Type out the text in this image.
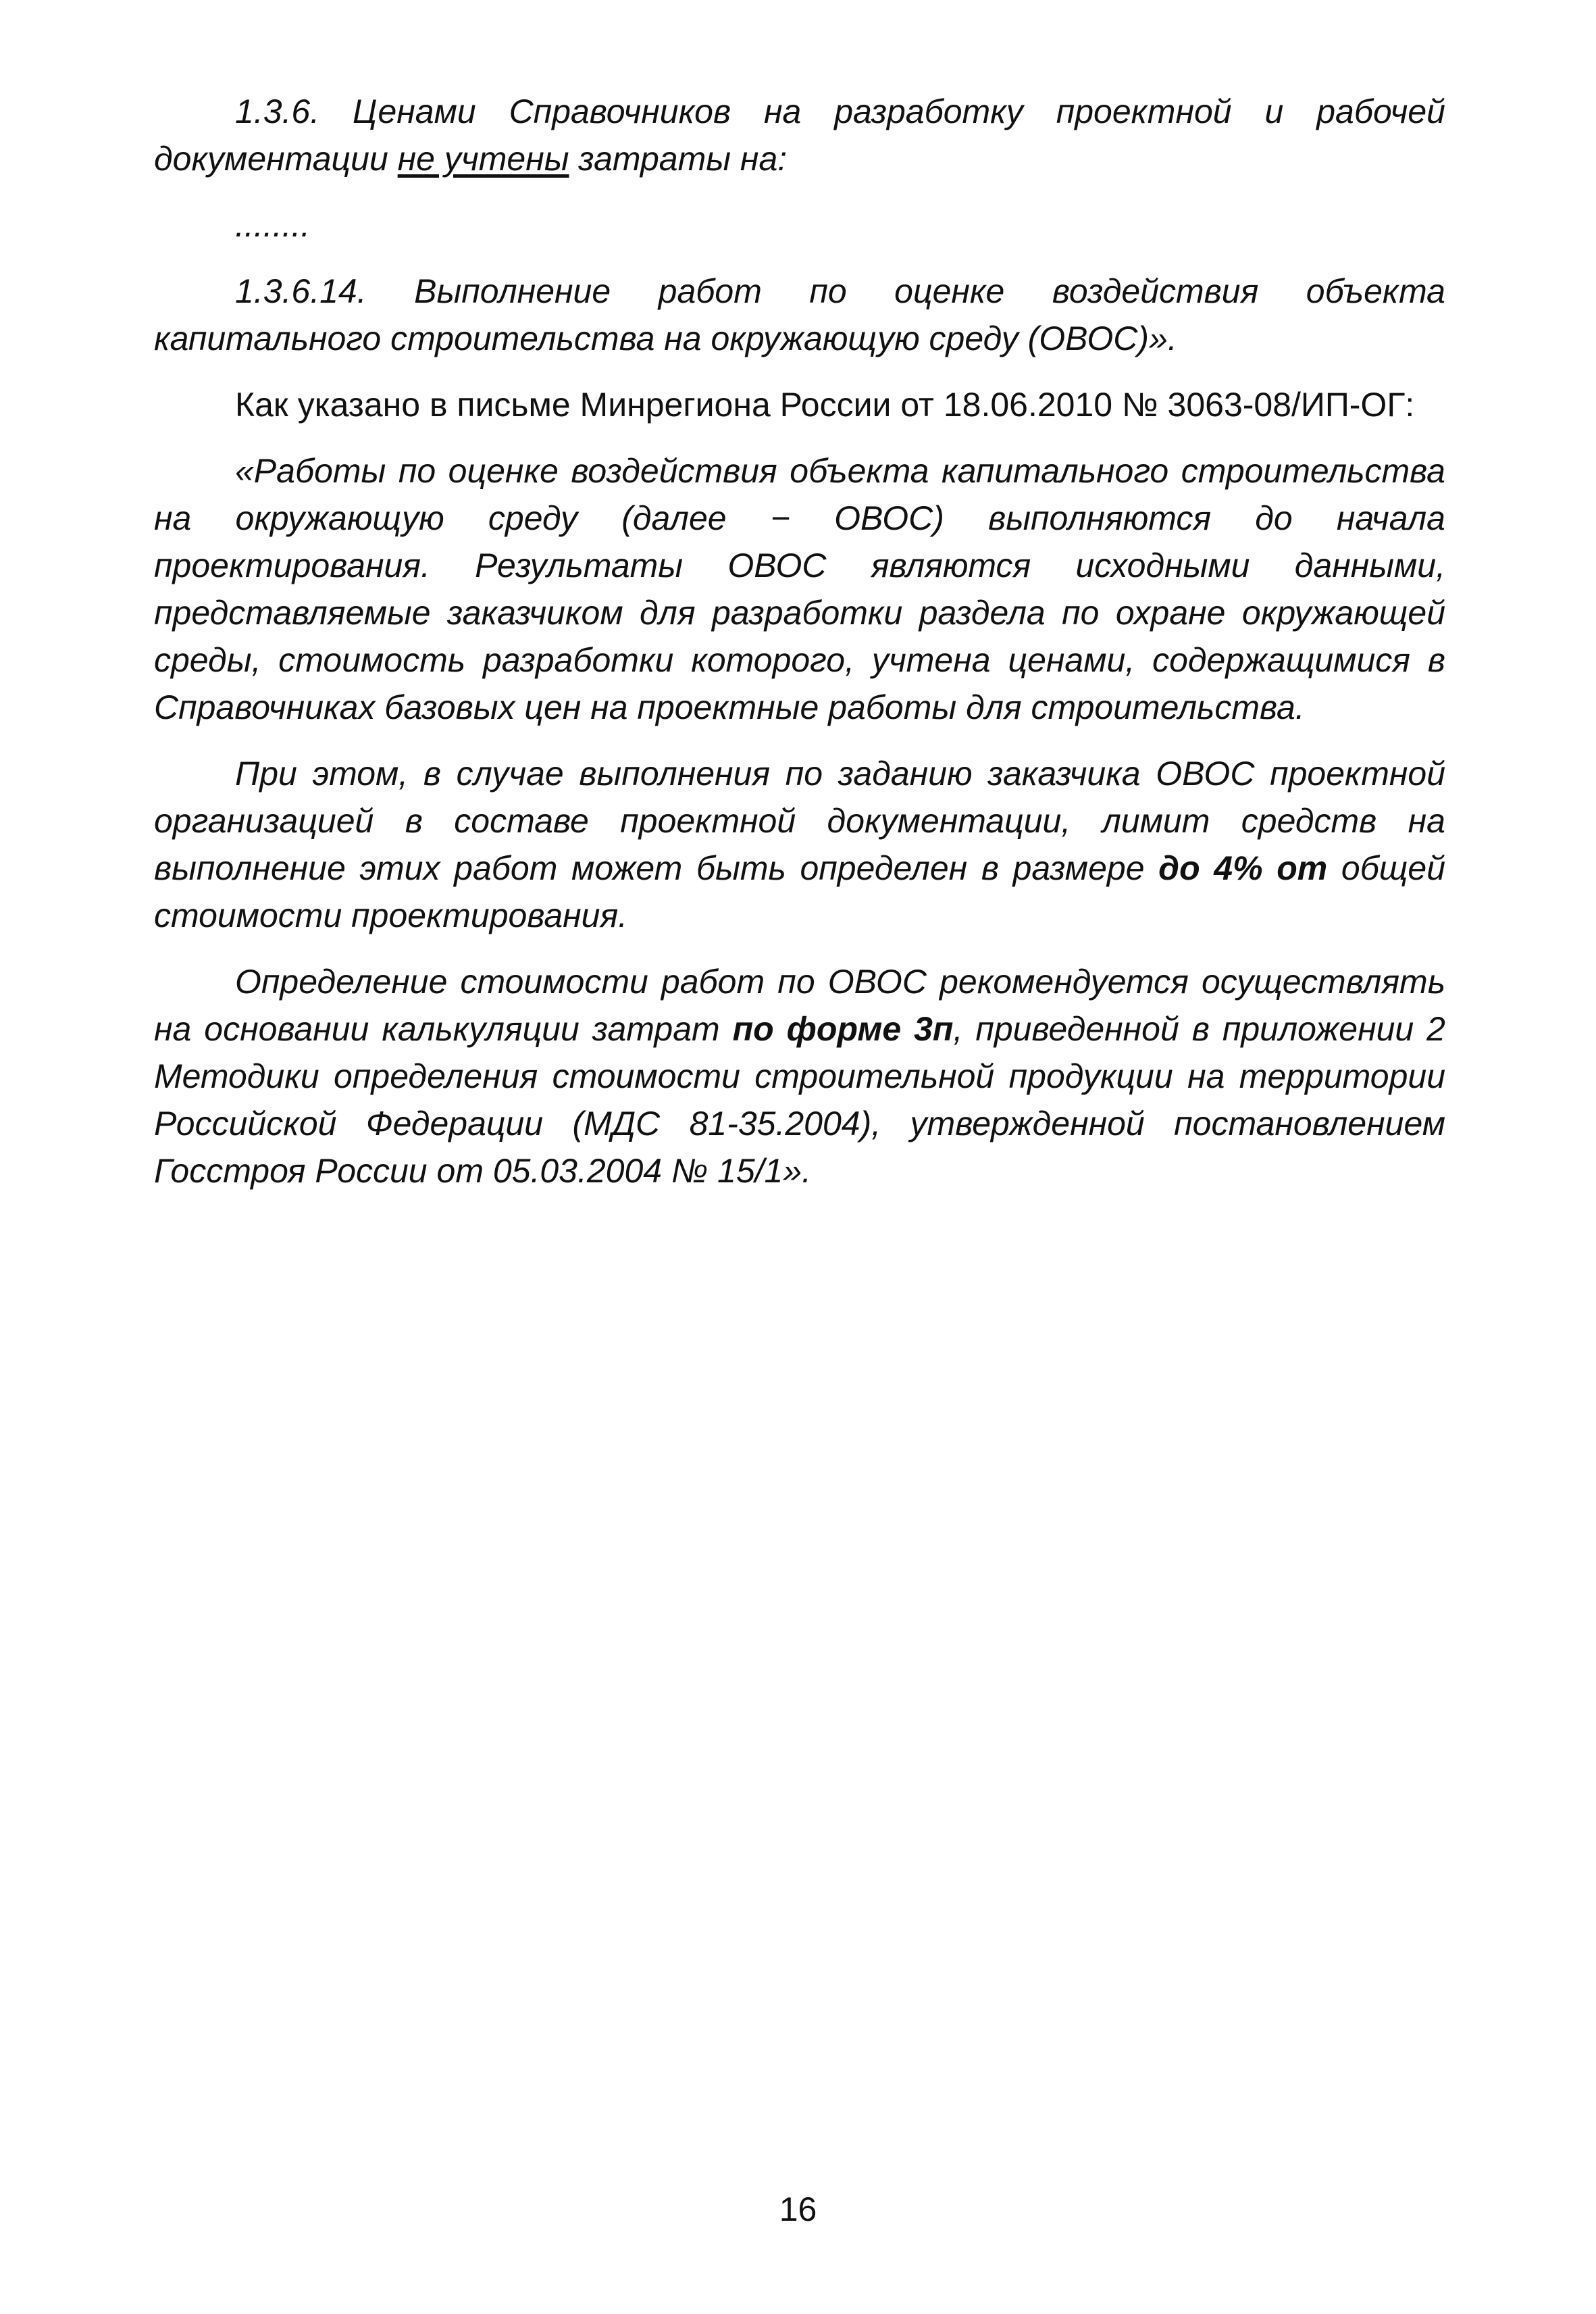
1.3.6. Ценами Справочников на разработку проектной и рабочей документации не учтены затраты на:

........

1.3.6.14. Выполнение работ по оценке воздействия объекта капитального строительства на окружающую среду (ОВОС)».

Как указано в письме Минрегиона России от 18.06.2010 № 3063-08/ИП-ОГ:

«Работы по оценке воздействия объекта капитального строительства на окружающую среду (далее − ОВОС) выполняются до начала проектирования. Результаты ОВОС являются исходными данными, представляемые заказчиком для разработки раздела по охране окружающей среды, стоимость разработки которого, учтена ценами, содержащимися в Справочниках базовых цен на проектные работы для строительства.

При этом, в случае выполнения по заданию заказчика ОВОС проектной организацией в составе проектной документации, лимит средств на выполнение этих работ может быть определен в размере до 4% от общей стоимости проектирования.

Определение стоимости работ по ОВОС рекомендуется осуществлять на основании калькуляции затрат по форме 3п, приведенной в приложении 2 Методики определения стоимости строительной продукции на территории Российской Федерации (МДС 81-35.2004), утвержденной постановлением Госстроя России от 05.03.2004 № 15/1».

16
